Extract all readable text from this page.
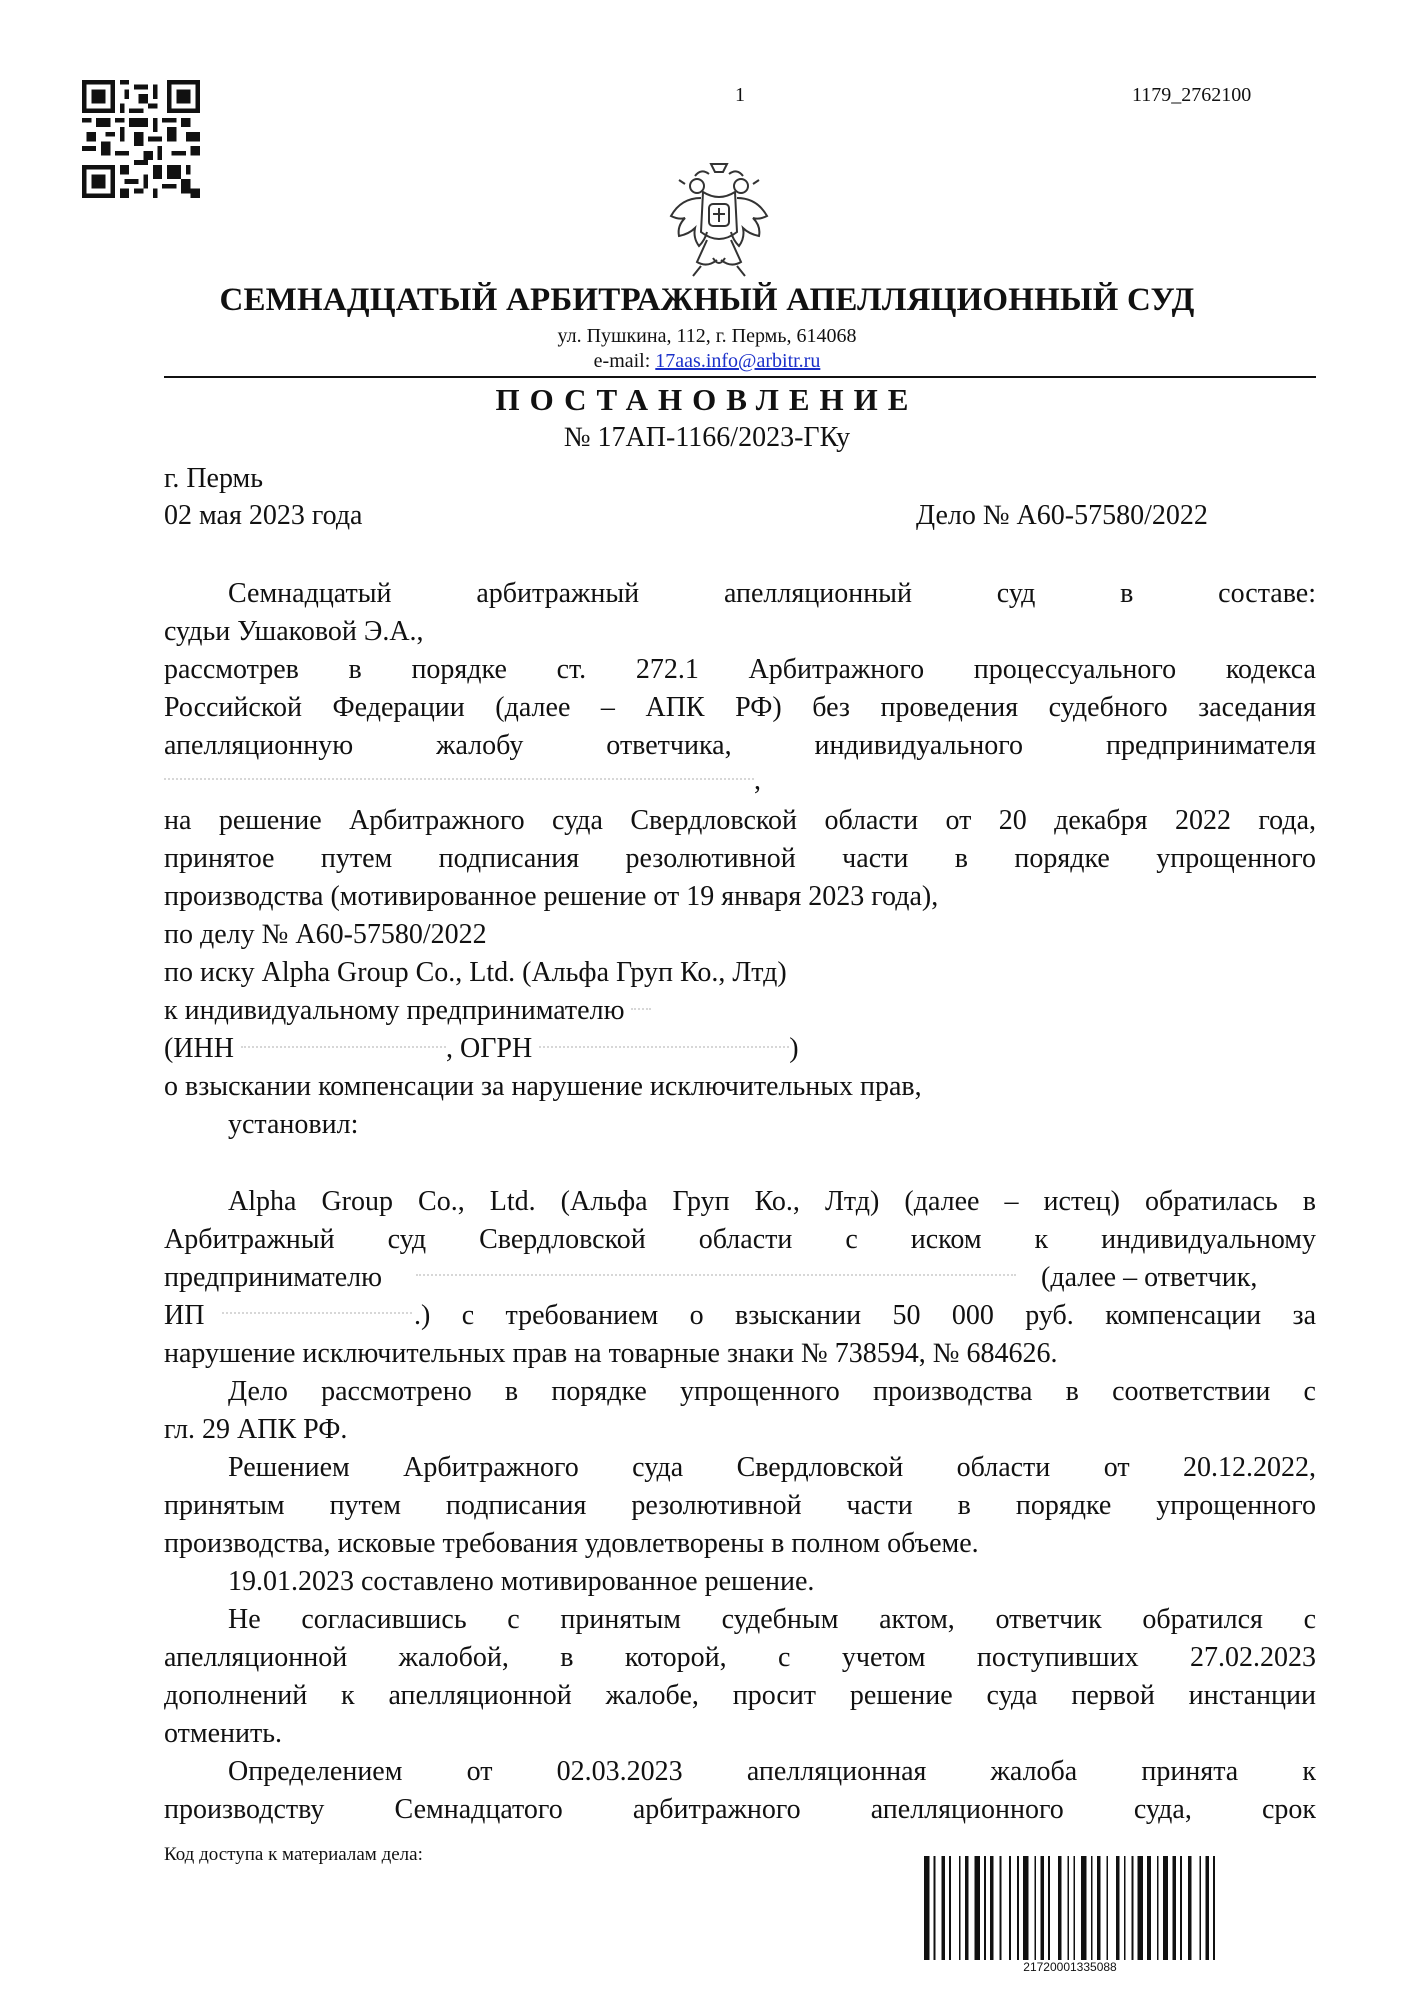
1	1179_2762100
СЕМНАДЦАТЫЙ АРБИТРАЖНЫЙ АПЕЛЛЯЦИОННЫЙ СУД
ул. Пушкина, 112, г. Пермь, 614068
e-mail: 17aas.info@arbitr.ru
ПОСТАНОВЛЕНИЕ
№ 17АП-1166/2023-ГКу
г. Пермь
02 мая 2023 года	Дело № А60-57580/2022
Семнадцатый арбитражный апелляционный суд в составе:
судьи Ушаковой Э.А.,
рассмотрев в порядке ст. 272.1 Арбитражного процессуального кодекса
Российской Федерации (далее – АПК РФ) без проведения судебного заседания
апелляционную жалобу ответчика, индивидуального предпринимателя
,
на решение Арбитражного суда Свердловской области от 20 декабря 2022 года,
принятое путем подписания резолютивной части в порядке упрощенного
производства (мотивированное решение от 19 января 2023 года),
по делу № А60-57580/2022
по иску Alpha Group Co., Ltd. (Альфа Груп Ко., Лтд)
к индивидуальному предпринимателю
(ИНН	, ОГРН	)
о взыскании компенсации за нарушение исключительных прав,
установил:
Alpha Group Co., Ltd. (Альфа Груп Ко., Лтд) (далее – истец) обратилась в
Арбитражный суд Свердловской области с иском к индивидуальному
предпринимателю	(далее – ответчик,
ИП	.) с требованием о взыскании 50 000 руб. компенсации за
нарушение исключительных прав на товарные знаки № 738594, № 684626.
Дело рассмотрено в порядке упрощенного производства в соответствии с
гл. 29 АПК РФ.
Решением Арбитражного суда Свердловской области от 20.12.2022,
принятым путем подписания резолютивной части в порядке упрощенного
производства, исковые требования удовлетворены в полном объеме.
19.01.2023 составлено мотивированное решение.
Не согласившись с принятым судебным актом, ответчик обратился с
апелляционной жалобой, в которой, с учетом поступивших 27.02.2023
дополнений к апелляционной жалобе, просит решение суда первой инстанции
отменить.
Определением от 02.03.2023 апелляционная жалоба принята к
производству Семнадцатого арбитражного апелляционного суда, срок
Код доступа к материалам дела:
21720001335088
